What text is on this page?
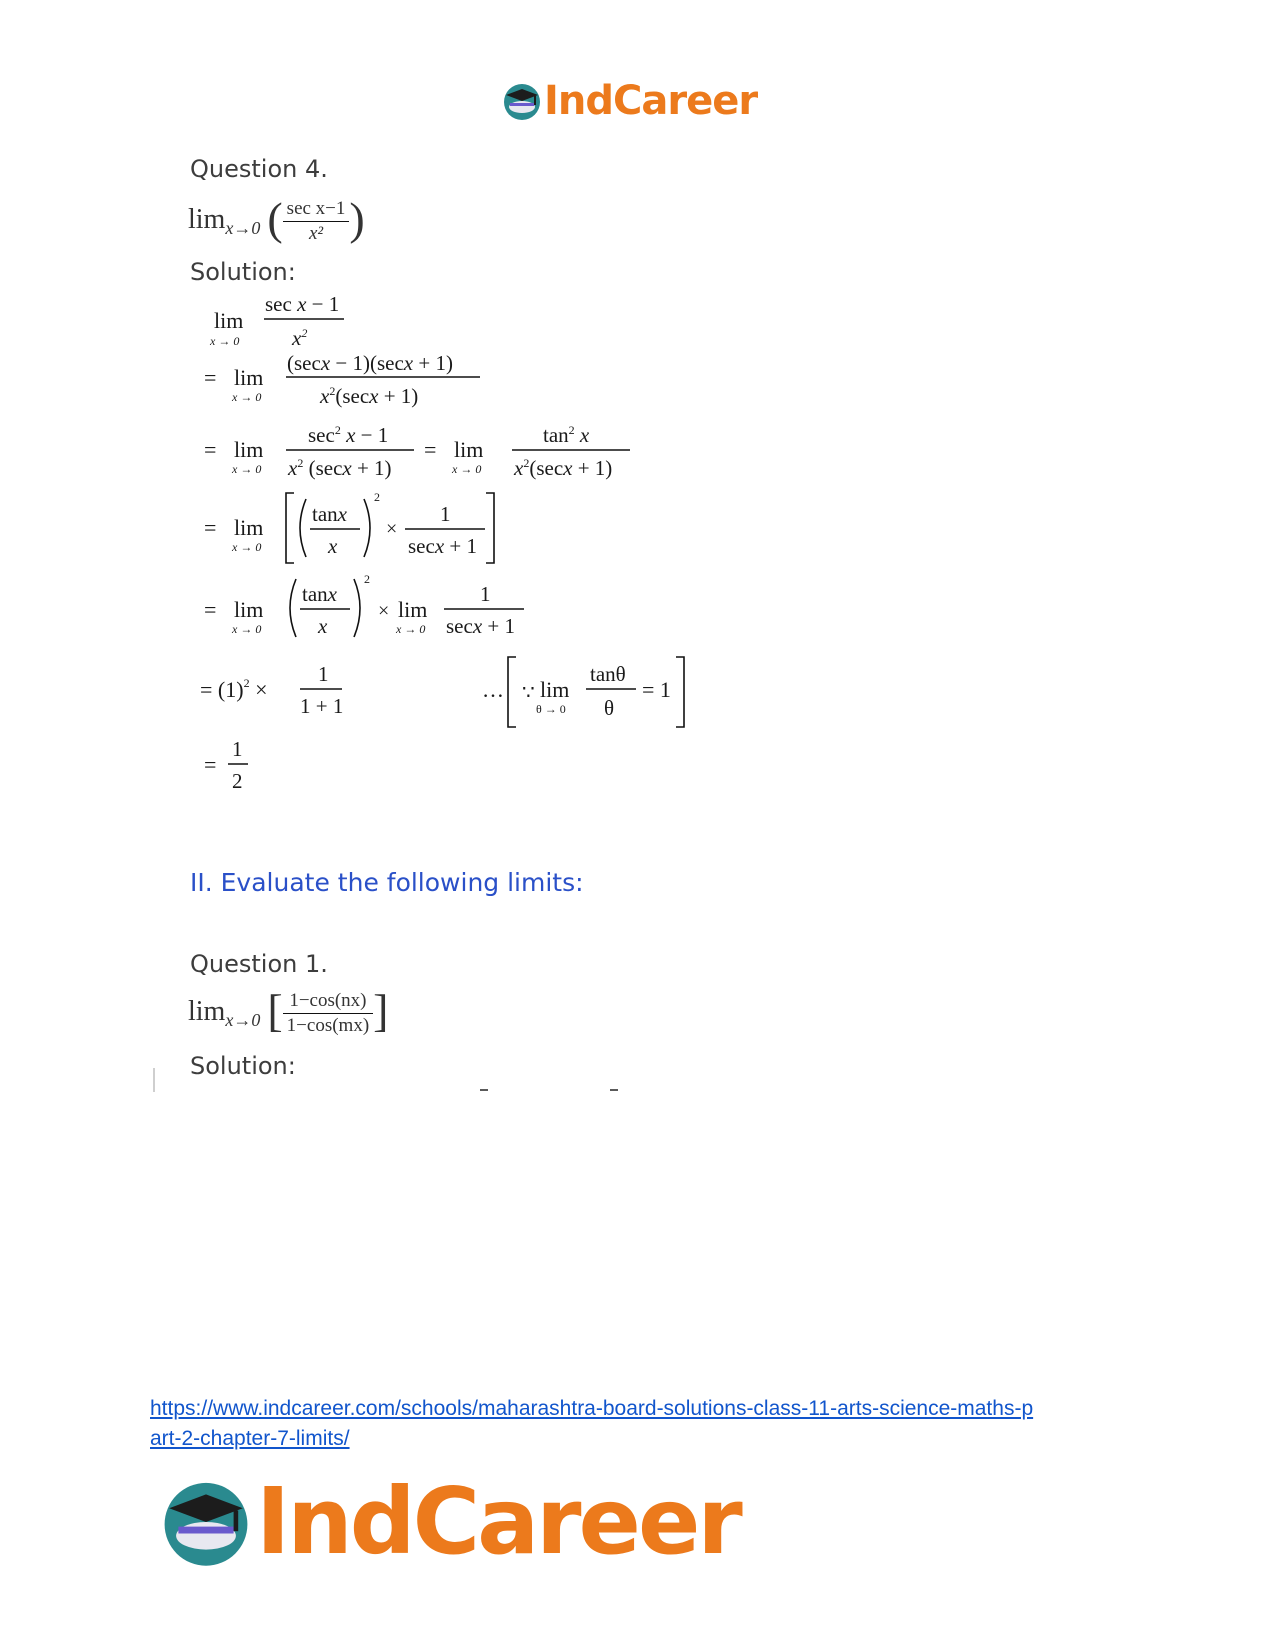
IndCareer
Question 4.
$\lim_{x\to 0}$ ( $\frac{\text{sec x−1}}{\text{x²}}$ )
Solution:
lim
x → 0
sec x − 1
$x^2$
= lim
x → 0
(secx − 1)(secx + 1)
$x^2(\sec x + 1)$
= lim
x → 0
$\sec^2 x - 1$
$x^2$ (secx + 1)
= lim
x → 0
$\tan^2 x$
$x^2(\sec x + 1)$
= lim
x → 0
tanx
x
2
×
1
secx + 1
= lim
x → 0
tanx
x
2
× lim
x → 0
1
secx + 1
= $(1)^2$ ×
1
1 + 1
… ∵ lim
θ → 0
tanθ
θ
= 1
=
1
2
II. Evaluate the following limits:
Question 1.
$\lim_{x\to 0}$ [ $\frac{1-\cos(nx)}{1-\cos(mx)}$ ]
Solution:
https://www.indcareer.com/schools/maharashtra-board-solutions-class-11-arts-science-maths-p
art-2-chapter-7-limits/
IndCareer
